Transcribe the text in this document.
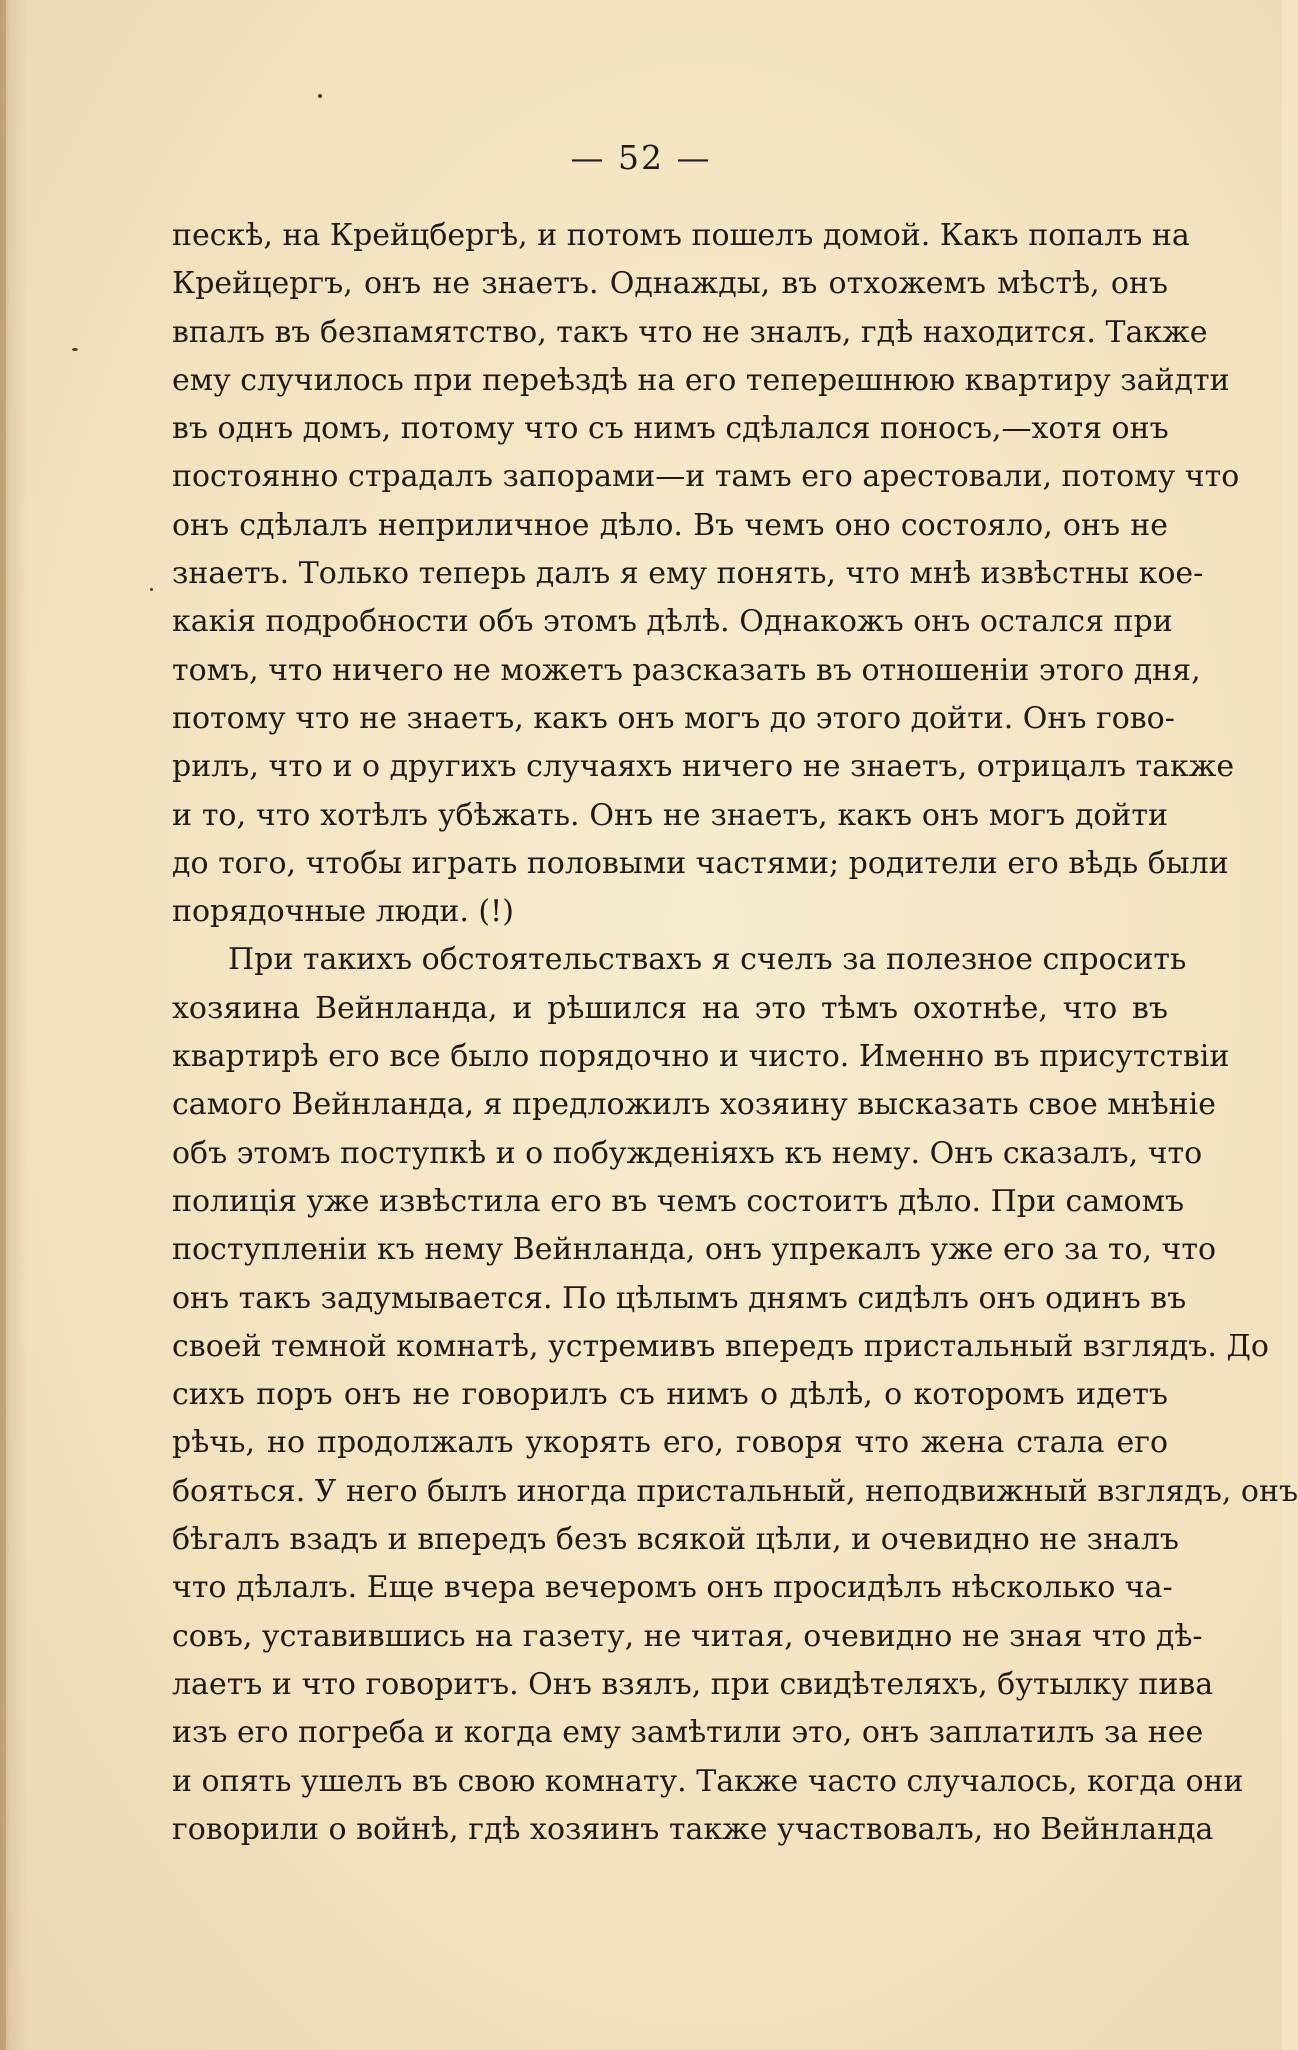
— 52 —
пескѣ, на Крейцбергѣ, и потомъ пошелъ домой. Какъ попалъ на
Крейцергъ, онъ не знаетъ. Однажды, въ отхожемъ мѣстѣ, онъ
впалъ въ безпамятство, такъ что не зналъ, гдѣ находится. Также
ему случилось при переѣздѣ на его теперешнюю квартиру зайдти
въ однъ домъ, потому что съ нимъ сдѣлался поносъ,—хотя онъ
постоянно страдалъ запорами—и тамъ его арестовали, потому что
онъ сдѣлалъ неприличное дѣло. Въ чемъ оно состояло, онъ не
знаетъ. Только теперь далъ я ему понять, что мнѣ извѣстны кое-
какія подробности объ этомъ дѣлѣ. Однакожъ онъ остался при
томъ, что ничего не можетъ разсказать въ отношеніи этого дня,
потому что не знаетъ, какъ онъ могъ до этого дойти. Онъ гово-
рилъ, что и о другихъ случаяхъ ничего не знаетъ, отрицалъ также
и то, что хотѣлъ убѣжать. Онъ не знаетъ, какъ онъ могъ дойти
до того, чтобы играть половыми частями; родители его вѣдь были
порядочные люди. (!)
При такихъ обстоятельствахъ я счелъ за полезное спросить
хозяина Вейнланда, и рѣшился на это тѣмъ охотнѣе, что въ
квартирѣ его все было порядочно и чисто. Именно въ присутствіи
самого Вейнланда, я предложилъ хозяину высказать свое мнѣніе
объ этомъ поступкѣ и о побужденіяхъ къ нему. Онъ сказалъ, что
полиція уже извѣстила его въ чемъ состоитъ дѣло. При самомъ
поступленіи къ нему Вейнланда, онъ упрекалъ уже его за то, что
онъ такъ задумывается. По цѣлымъ днямъ сидѣлъ онъ одинъ въ
своей темной комнатѣ, устремивъ впередъ пристальный взглядъ. До
сихъ поръ онъ не говорилъ съ нимъ о дѣлѣ, о которомъ идетъ
рѣчь, но продолжалъ укорять его, говоря что жена стала его
бояться. У него былъ иногда пристальный, неподвижный взглядъ, онъ
бѣгалъ взадъ и впередъ безъ всякой цѣли, и очевидно не зналъ
что дѣлалъ. Еще вчера вечеромъ онъ просидѣлъ нѣсколько ча-
совъ, уставившись на газету, не читая, очевидно не зная что дѣ-
лаетъ и что говоритъ. Онъ взялъ, при свидѣтеляхъ, бутылку пива
изъ его погреба и когда ему замѣтили это, онъ заплатилъ за нее
и опять ушелъ въ свою комнату. Также часто случалось, когда они
говорили о войнѣ, гдѣ хозяинъ также участвовалъ, но Вейнланда
